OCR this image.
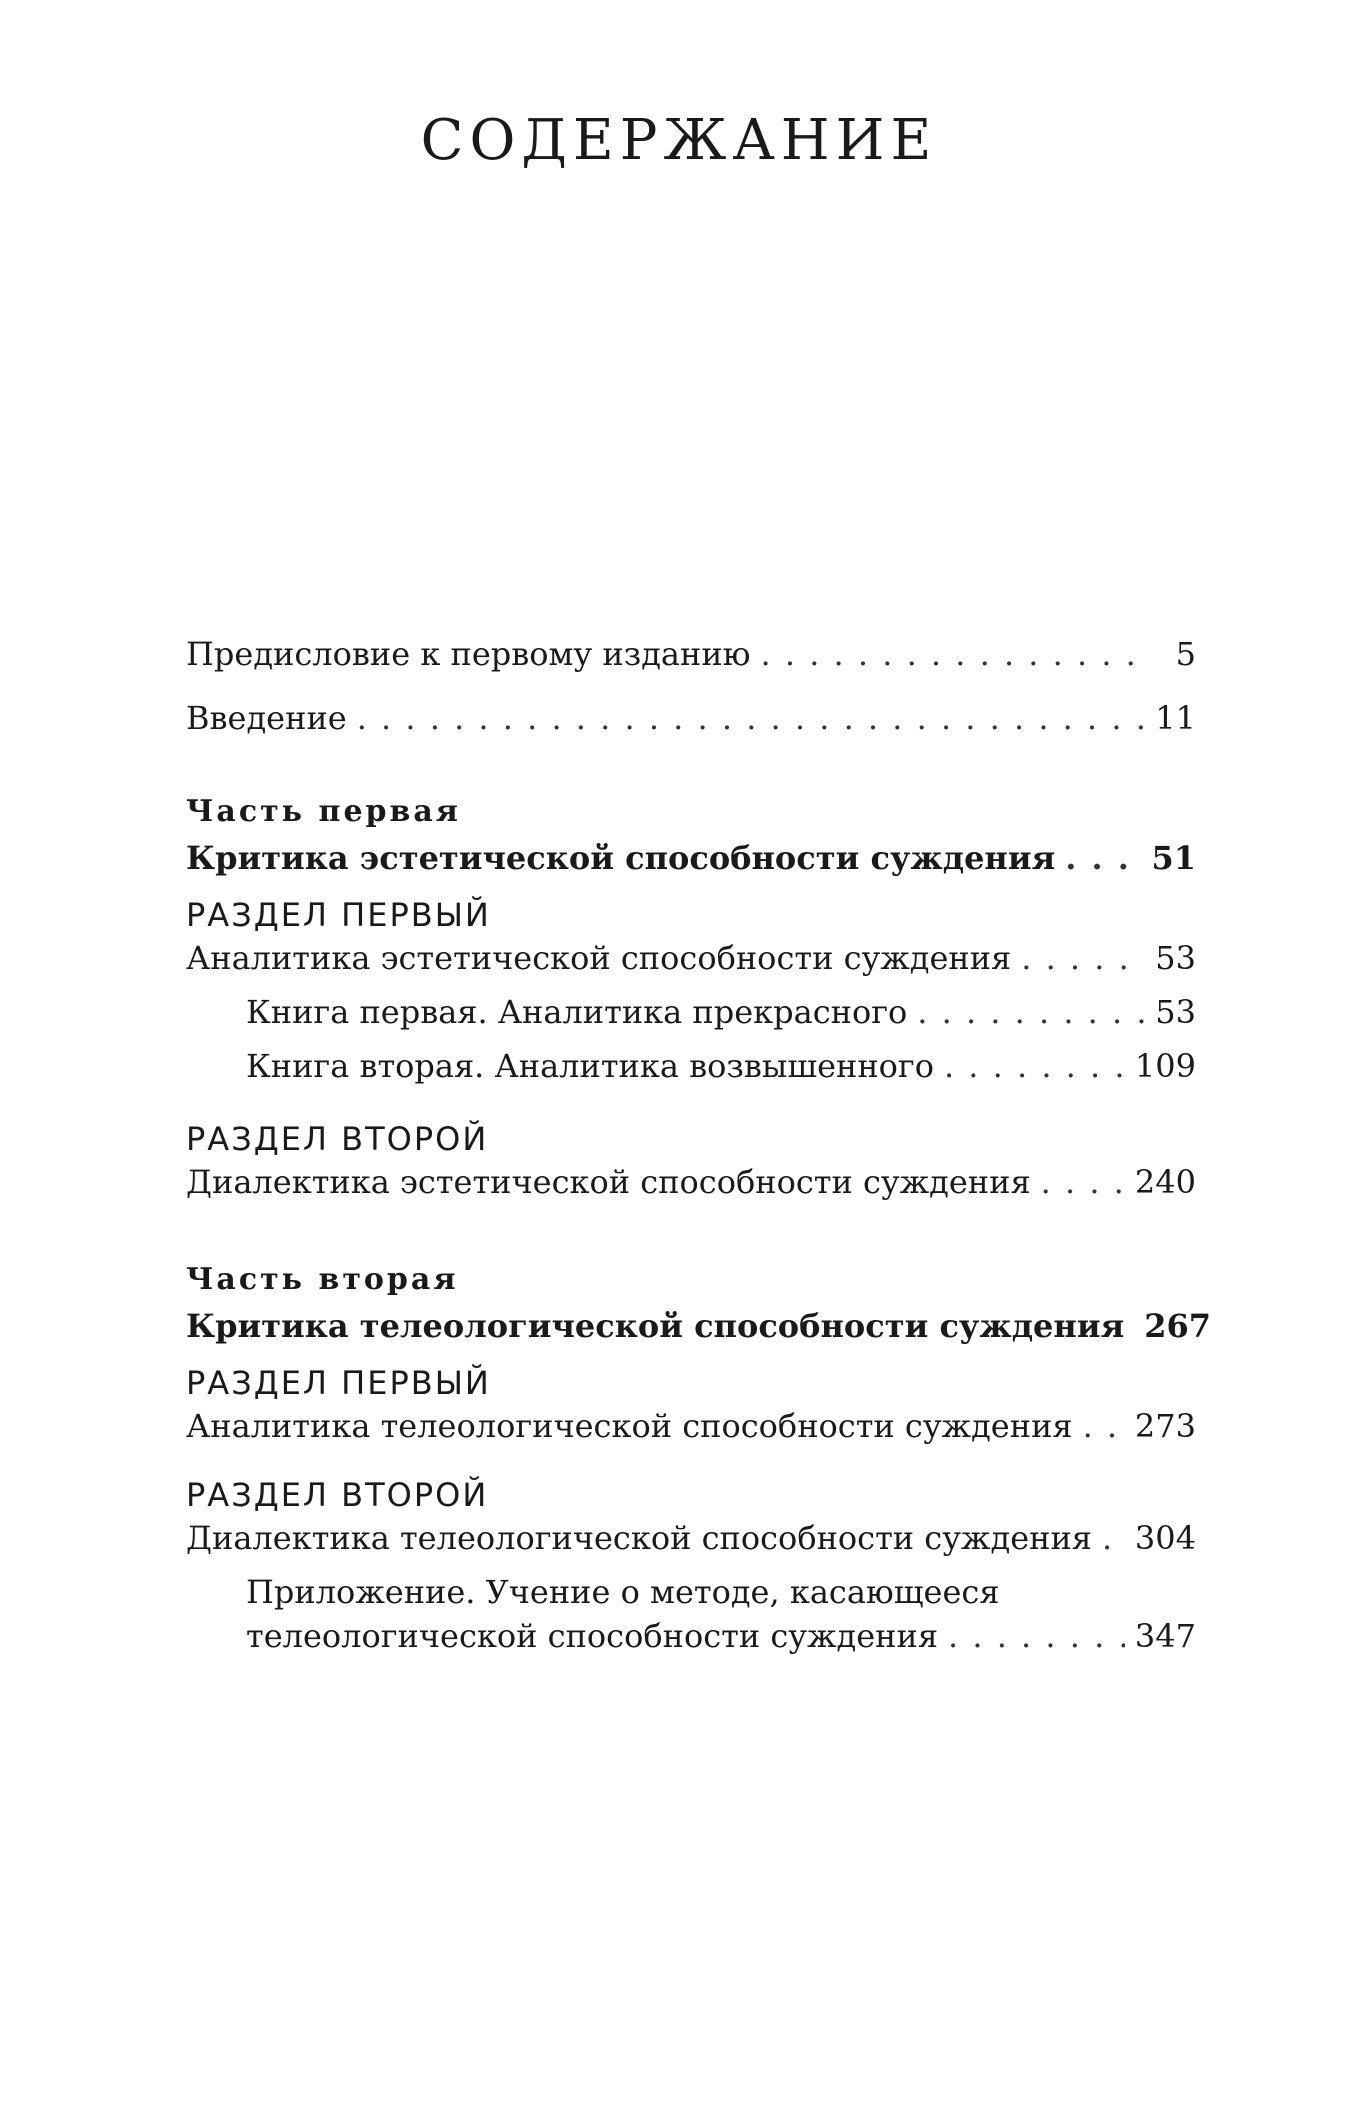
СОДЕРЖАНИЕ
Предисловие к первому изданию . . .	5
Введение . . .	11
Часть первая
Критика эстетической способности суждения . . .	51
РАЗДЕЛ ПЕРВЫЙ
Аналитика эстетической способности суждения . . .	53
Книга первая. Аналитика прекрасного . . .	53
Книга вторая. Аналитика возвышенного . . .	109
РАЗДЕЛ ВТОРОЙ
Диалектика эстетической способности суждения . . .	240
Часть вторая
Критика телеологической способности суждения 267
РАЗДЕЛ ПЕРВЫЙ
Аналитика телеологической способности суждения . . . 273
РАЗДЕЛ ВТОРОЙ
Диалектика телеологической способности суждения . . . 304
Приложение. Учение о методе, касающееся
телеологической способности суждения . . .	347
